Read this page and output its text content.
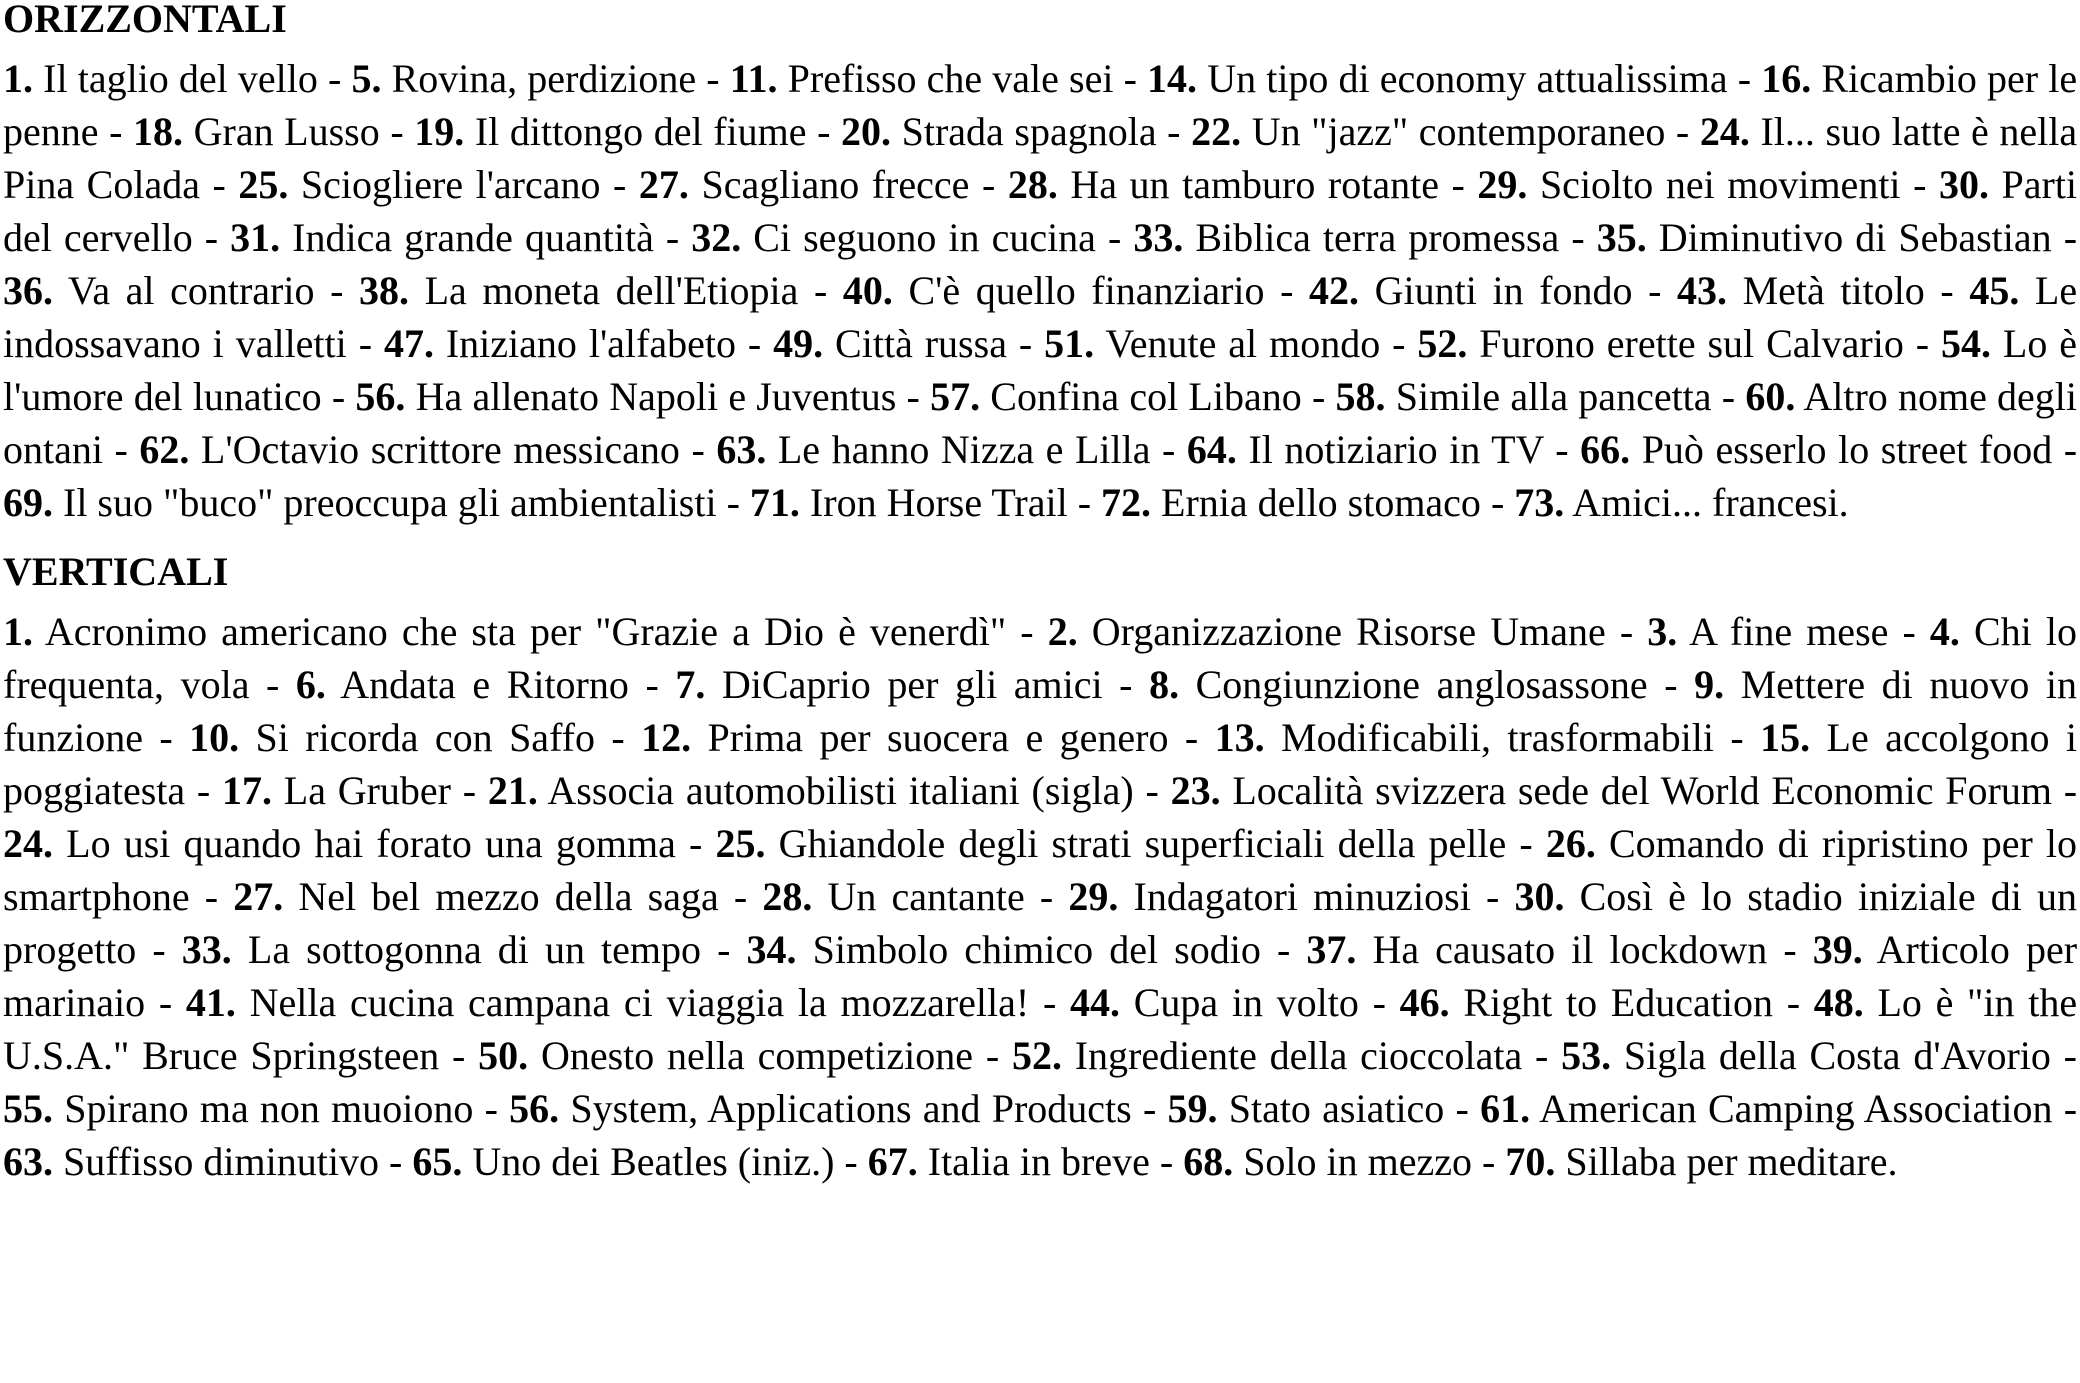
ORIZZONTALI

1. Il taglio del vello - 5. Rovina, perdizione - 11. Prefisso che vale sei - 14. Un tipo di economy attualissima - 16. Ricambio per le penne - 18. Gran Lusso - 19. Il dittongo del fiume - 20. Strada spagnola - 22. Un "jazz" contemporaneo - 24. Il... suo latte è nella Pina Colada - 25. Sciogliere l'arcano - 27. Scagliano frecce - 28. Ha un tamburo rotante - 29. Sciolto nei movimenti - 30. Parti del cervello - 31. Indica grande quantità - 32. Ci seguono in cucina - 33. Biblica terra promessa - 35. Diminutivo di Sebastian - 36. Va al contrario - 38. La moneta dell'Etiopia - 40. C'è quello finanziario - 42. Giunti in fondo - 43. Metà titolo - 45. Le indossavano i valletti - 47. Iniziano l'alfabeto - 49. Città russa - 51. Venute al mondo - 52. Furono erette sul Calvario - 54. Lo è l'umore del lunatico - 56. Ha allenato Napoli e Juventus - 57. Confina col Libano - 58. Simile alla pancetta - 60. Altro nome degli ontani - 62. L'Octavio scrittore messicano - 63. Le hanno Nizza e Lilla - 64. Il notiziario in TV - 66. Può esserlo lo street food - 69. Il suo "buco" preoccupa gli ambientalisti - 71. Iron Horse Trail - 72. Ernia dello stomaco - 73. Amici... francesi.

VERTICALI

1. Acronimo americano che sta per "Grazie a Dio è venerdì" - 2. Organizzazione Risorse Umane - 3. A fine mese - 4. Chi lo frequenta, vola - 6. Andata e Ritorno - 7. DiCaprio per gli amici - 8. Congiunzione anglosassone - 9. Mettere di nuovo in funzione - 10. Si ricorda con Saffo - 12. Prima per suocera e genero - 13. Modificabili, trasformabili - 15. Le accolgono i poggiatesta - 17. La Gruber - 21. Associa automobilisti italiani (sigla) - 23. Località svizzera sede del World Economic Forum - 24. Lo usi quando hai forato una gomma - 25. Ghiandole degli strati superficiali della pelle - 26. Comando di ripristino per lo smartphone - 27. Nel bel mezzo della saga - 28. Un cantante - 29. Indagatori minuziosi - 30. Così è lo stadio iniziale di un progetto - 33. La sottogonna di un tempo - 34. Simbolo chimico del sodio - 37. Ha causato il lockdown - 39. Articolo per marinaio - 41. Nella cucina campana ci viaggia la mozzarella! - 44. Cupa in volto - 46. Right to Education - 48. Lo è "in the U.S.A." Bruce Springsteen - 50. Onesto nella competizione - 52. Ingrediente della cioccolata - 53. Sigla della Costa d'Avorio - 55. Spirano ma non muoiono - 56. System, Applications and Products - 59. Stato asiatico - 61. American Camping Association - 63. Suffisso diminutivo - 65. Uno dei Beatles (iniz.) - 67. Italia in breve - 68. Solo in mezzo - 70. Sillaba per meditare.
